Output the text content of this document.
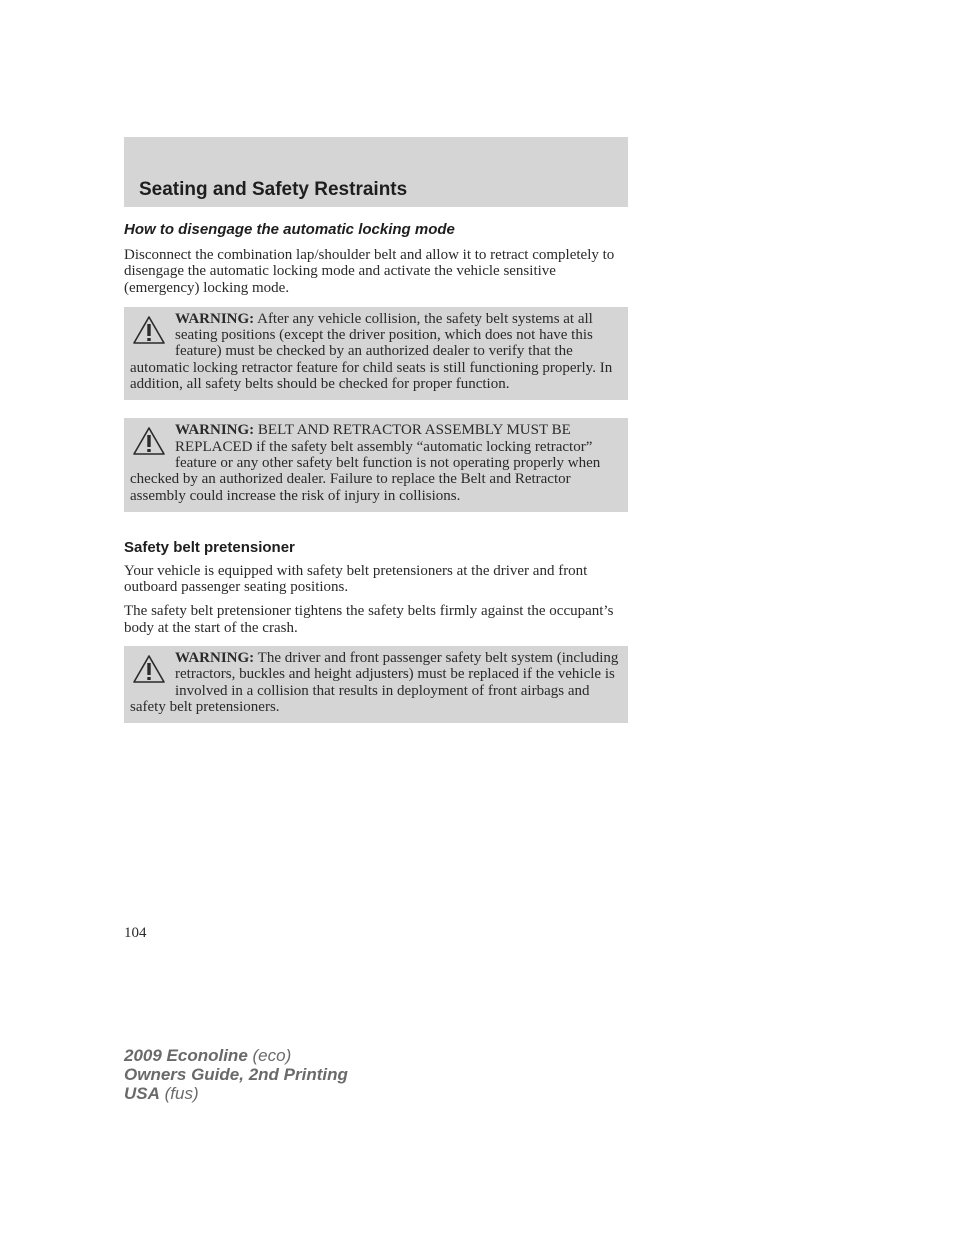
Seating and Safety Restraints
How to disengage the automatic locking mode

Disconnect the combination lap/shoulder belt and allow it to retract completely to disengage the automatic locking mode and activate the vehicle sensitive (emergency) locking mode.

WARNING: After any vehicle collision, the safety belt systems at all seating positions (except the driver position, which does not have this feature) must be checked by an authorized dealer to verify that the automatic locking retractor feature for child seats is still functioning properly. In addition, all safety belts should be checked for proper function.
WARNING: BELT AND RETRACTOR ASSEMBLY MUST BE REPLACED if the safety belt assembly “automatic locking retractor” feature or any other safety belt function is not operating properly when checked by an authorized dealer. Failure to replace the Belt and Retractor assembly could increase the risk of injury in collisions.
Safety belt pretensioner

Your vehicle is equipped with safety belt pretensioners at the driver and front outboard passenger seating positions.

The safety belt pretensioner tightens the safety belts firmly against the occupant’s body at the start of the crash.

WARNING: The driver and front passenger safety belt system (including retractors, buckles and height adjusters) must be replaced if the vehicle is involved in a collision that results in deployment of front airbags and safety belt pretensioners.
104
2009 Econoline (eco)
Owners Guide, 2nd Printing
USA (fus)
